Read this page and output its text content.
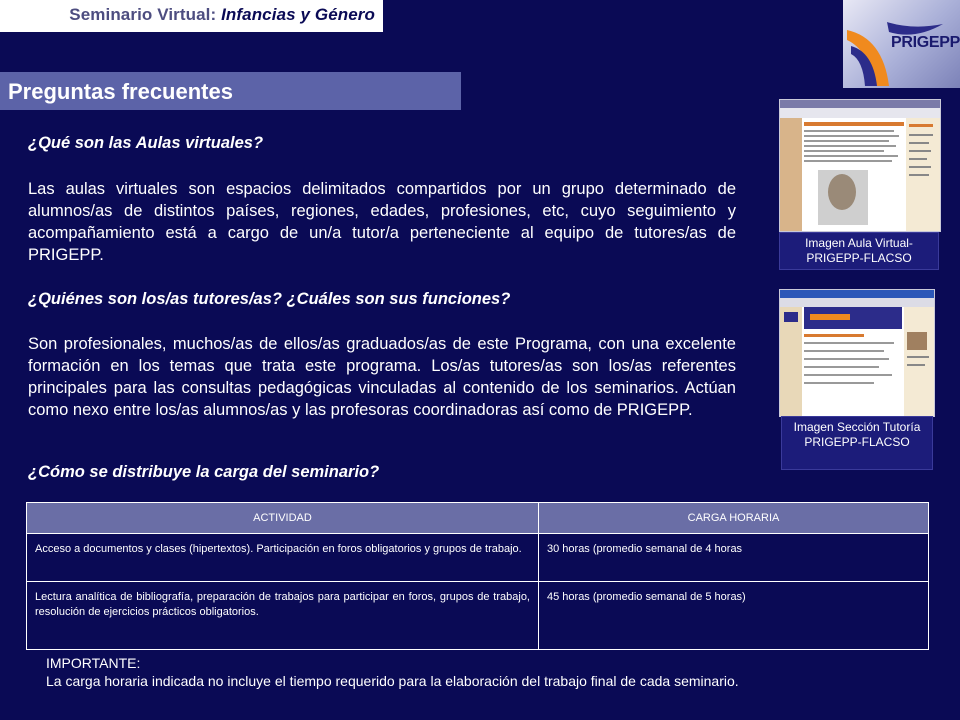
Seminario Virtual: Infancias y Género
PRIGEPP
Preguntas frecuentes
¿Qué son las Aulas virtuales?
Las aulas virtuales son espacios delimitados compartidos por un grupo determinado de alumnos/as de distintos países, regiones, edades, profesiones, etc, cuyo seguimiento y acompañamiento está a cargo de un/a tutor/a perteneciente al equipo de tutores/as de PRIGEPP.
¿Quiénes son los/as tutores/as? ¿Cuáles son sus funciones?
Son profesionales, muchos/as de ellos/as graduados/as de este Programa, con una excelente formación en los temas que trata este programa. Los/as tutores/as son los/as referentes principales para las consultas pedagógicas vinculadas al contenido de los seminarios. Actúan como nexo entre los/as alumnos/as y las profesoras coordinadoras así como de PRIGEPP.
¿Cómo se distribuye la carga del seminario?
Imagen Aula Virtual- PRIGEPP-FLACSO
Imagen Sección Tutoría PRIGEPP-FLACSO
ACTIVIDAD	CARGA HORARIA
Acceso a documentos y clases (hipertextos). Participación en foros obligatorios y grupos de trabajo.	30 horas (promedio semanal de 4 horas
Lectura analítica de bibliografía, preparación de trabajos para participar en foros, grupos de trabajo, resolución de ejercicios prácticos obligatorios.	45 horas (promedio semanal de 5 horas)
IMPORTANTE:
La carga horaria indicada no incluye el tiempo requerido para la elaboración del trabajo final de cada seminario.
